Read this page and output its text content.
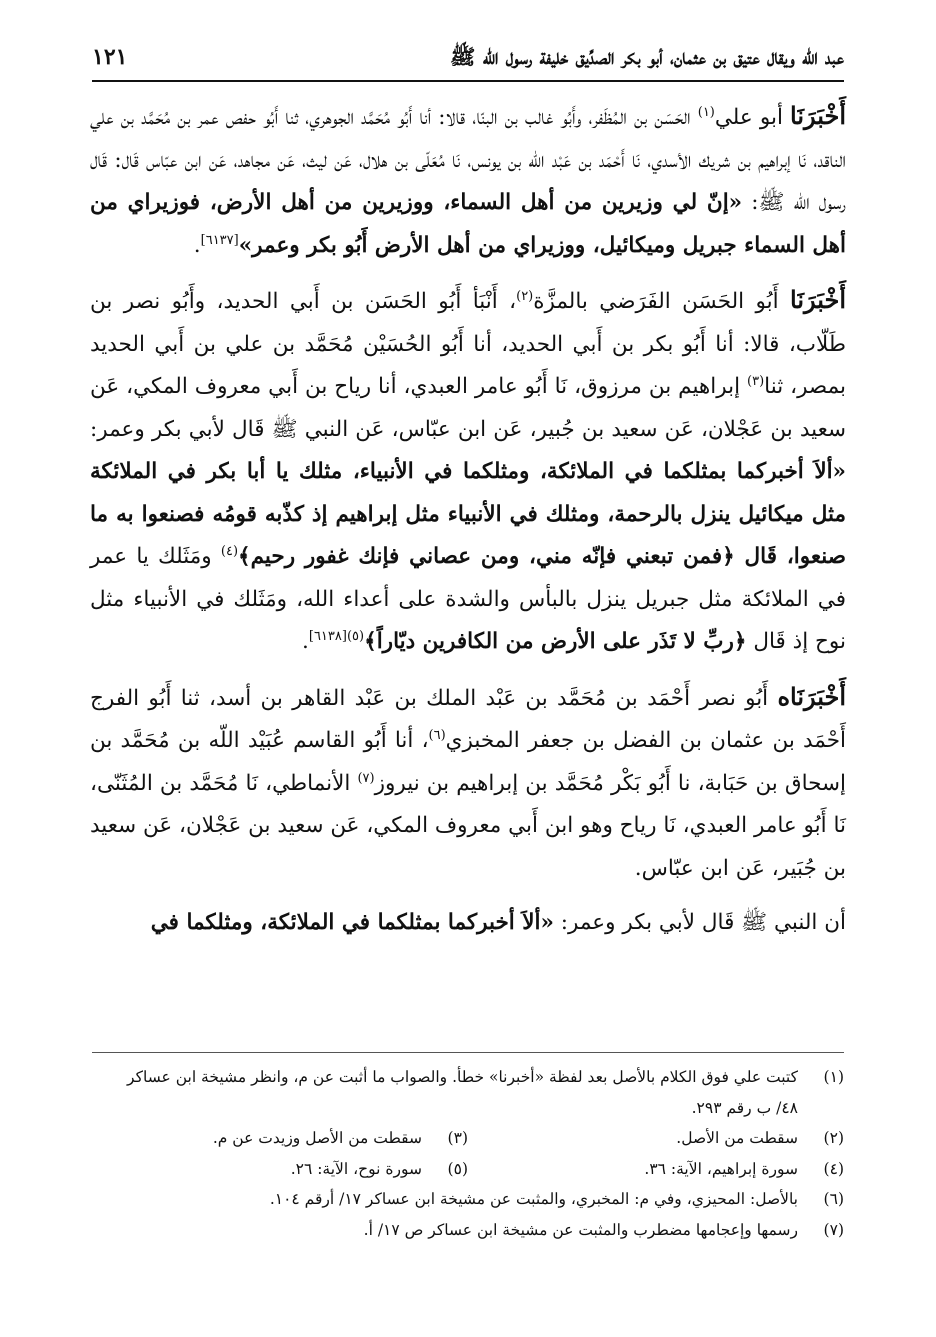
عبد الله ويقال عتيق بن عثمان، أبو بكر الصدِّيق خليفة رسول الله ﷺ
١٢١

أَخْبَرَنَا أبو علي$^{(١)}$ الحَسَن بن المُظَفر، وأَبُو غالب بن البنّا، قالا: أنا أَبُو مُحَمَّد الجوهري، ثنا أَبُو حفص عمر بن مُحَمَّد بن علي الناقد، نَا إبراهيم بن شريك الأسدي، نَا أَحْمَد بن عَبْد اللّه بن يونس، نَا مُعَلّى بن هلال، عَن ليث، عَن مجاهد، عَن ابن عبّاس قَال: قَال رسول الله ﷺ: «إنّ لي وزيرين من أهل السماء، ووزيرين من أهل الأرض، فوزيراي من أهل السماء جبريل وميكائيل، ووزيراي من أهل الأرض أَبُو بكر وعمر»[٦١٣٧].

أَخْبَرَنَا أَبُو الحَسَن الفَرَضي بالمزَّة$^{(٢)}$، أَنْبَأ أَبُو الحَسَن بن أَبي الحديد، وأَبُو نصر بن طَلّاب، قالا: أنا أَبُو بكر بن أَبي الحديد، أنا أَبُو الحُسَيْن مُحَمَّد بن علي بن أَبي الحديد بمصر، ثنا$^{(٣)}$ إبراهيم بن مرزوق، نَا أَبُو عامر العبدي، أنا رياح بن أَبي معروف المكي، عَن سعيد بن عَجْلان، عَن سعيد بن جُبير، عَن ابن عبّاس، عَن النبي ﷺ قَال لأبي بكر وعمر: «ألاَ أخبركما بمثلكما في الملائكة، ومثلكما في الأنبياء، مثلك يا أبا بكر في الملائكة مثل ميكائيل ينزل بالرحمة، ومثلك في الأنبياء مثل إبراهيم إذ كذّبه قومُه فصنعوا به ما صنعوا، قَال ﴿فمن تبعني فإنّه مني، ومن عصاني فإنك غفور رحيم﴾$^{(٤)}$ ومَثَلك يا عمر في الملائكة مثل جبريل ينزل بالبأس والشدة على أعداء الله، ومَثَلك في الأنبياء مثل نوح إذ قَال ﴿ربِّ لا تَذَر على الأرض من الكافرين ديّاراً﴾$^{(٥)[٦١٣٨]}$.

أَخْبَرَنَاه أَبُو نصر أَحْمَد بن مُحَمَّد بن عَبْد الملك بن عَبْد القاهر بن أسد، ثنا أَبُو الفرج أَحْمَد بن عثمان بن الفضل بن جعفر المخبزي$^{(٦)}$، أنا أَبُو القاسم عُبَيْد اللّه بن مُحَمَّد بن إسحاق بن حَبَابة، نا أَبُو بَكْر مُحَمَّد بن إبراهيم بن نيروز$^{(٧)}$ الأنماطي، نَا مُحَمَّد بن المُثَنّى، نَا أَبُو عامر العبدي، نَا رياح وهو ابن أَبي معروف المكي، عَن سعيد بن عَجْلان، عَن سعيد بن جُبَير، عَن ابن عبّاس.

أن النبي ﷺ قَال لأبي بكر وعمر: «ألاَ أخبركما بمثلكما في الملائكة، ومثلكما في

(١)
كتبت علي فوق الكلام بالأصل بعد لفظة «أخبرنا» خطأ. والصواب ما أثبت عن م، وانظر مشيخة ابن عساكر
٤٨/ ب رقم ٢٩٣.
(٢)
سقطت من الأصل.
(٣)
سقطت من الأصل وزيدت عن م.
(٤)
سورة إبراهيم، الآية: ٣٦.
(٥)
سورة نوح، الآية: ٢٦.
(٦)
بالأصل: المحيزي، وفي م: المخبري، والمثبت عن مشيخة ابن عساكر ١٧/ أرقم ١٠٤.
(٧)
رسمها وإعجامها مضطرب والمثبت عن مشيخة ابن عساكر ص ١٧/ أ.
